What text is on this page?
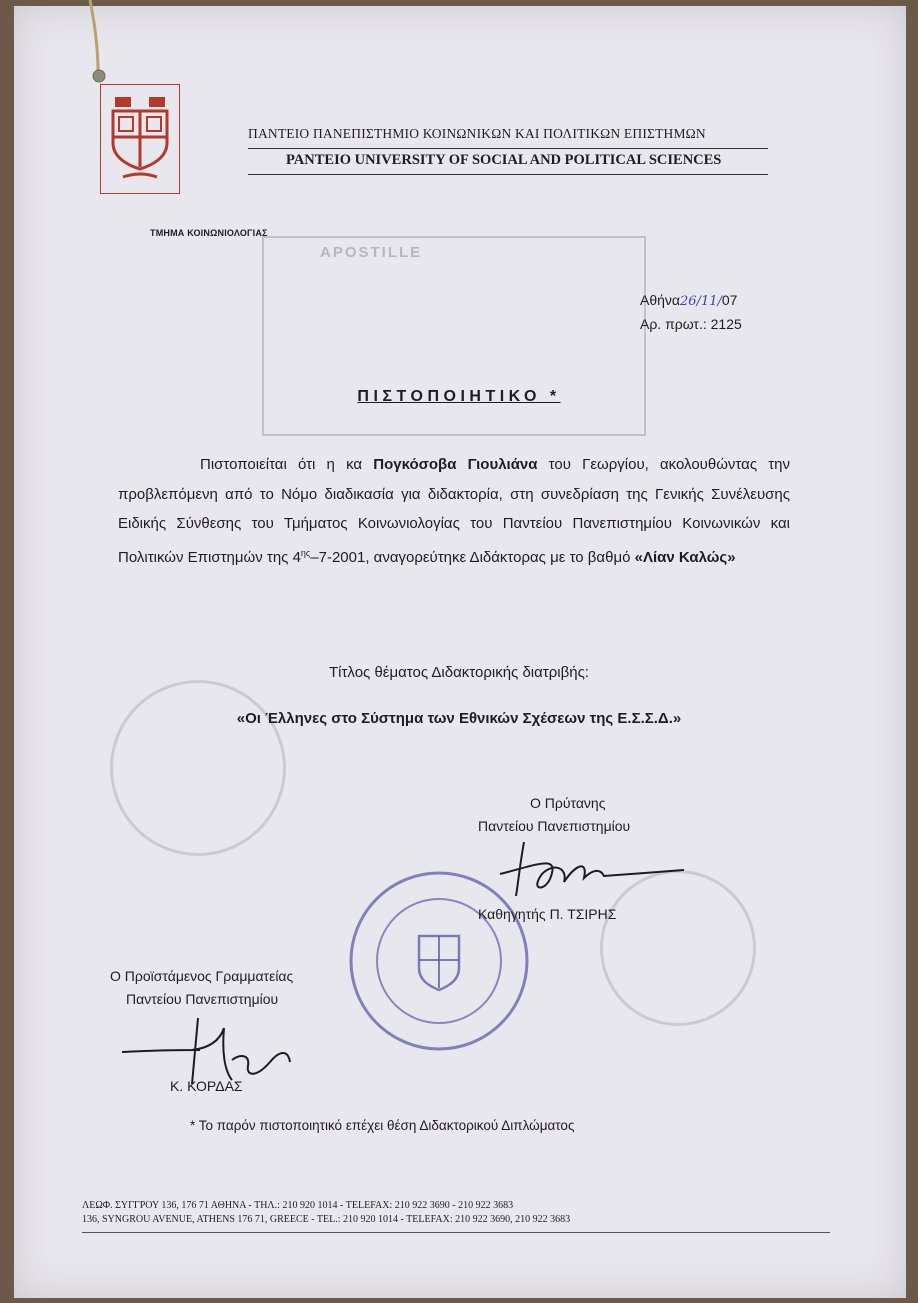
APOSTILLE
ΠΑΝΤΕΙΟ ΠΑΝΕΠΙΣΤΗΜΙΟ ΚΟΙΝΩΝΙΚΩΝ ΚΑΙ ΠΟΛΙΤΙΚΩΝ ΕΠΙΣΤΗΜΩΝ
PANTEIO UNIVERSITY OF SOCIAL AND POLITICAL SCIENCES
ΤΜΗΜΑ ΚΟΙΝΩΝΙΟΛΟΓΙΑΣ
Αθήνα26/11/07
Αρ. πρωτ.: 2125
ΠΙΣΤΟΠΟΙΗΤΙΚΟ *
Πιστοποιείται ότι η κα Πογκόσοβα Γιουλιάνα του Γεωργίου, ακολουθώντας την προβλεπόμενη από το Νόμο διαδικασία για διδακτορία, στη συνεδρίαση της Γενικής Συνέλευσης Ειδικής Σύνθεσης του Τμήματος Κοινωνιολογίας του Παντείου Πανεπιστημίου Κοινωνικών και Πολιτικών Επιστημών της $4^{\eta\varsigma}-7-2001$, αναγορεύτηκε Διδάκτορας με το βαθμό «Λίαν Καλώς»
Τίτλος θέματος Διδακτορικής διατριβής:
«Οι Έλληνες στο Σύστημα των Εθνικών Σχέσεων της Ε.Σ.Σ.Δ.»
Ο Πρύτανης
Παντείου Πανεπιστημίου
Καθηγητής Π. ΤΣΙΡΗΣ
Ο Προϊστάμενος Γραμματείας
Παντείου Πανεπιστημίου
Κ. ΚΟΡΔΑΣ
* Το παρόν πιστοποιητικό επέχει θέση Διδακτορικού Διπλώματος
ΛΕΩΦ. ΣΥΓΓΡΟΥ 136, 176 71 ΑΘΗΝΑ - ΤΗΛ.: 210 920 1014 - TELEFAX: 210 922 3690 - 210 922 3683
136, SYNGROU AVENUE, ATHENS 176 71, GREECE - TEL.: 210 920 1014 - TELEFAX: 210 922 3690, 210 922 3683
